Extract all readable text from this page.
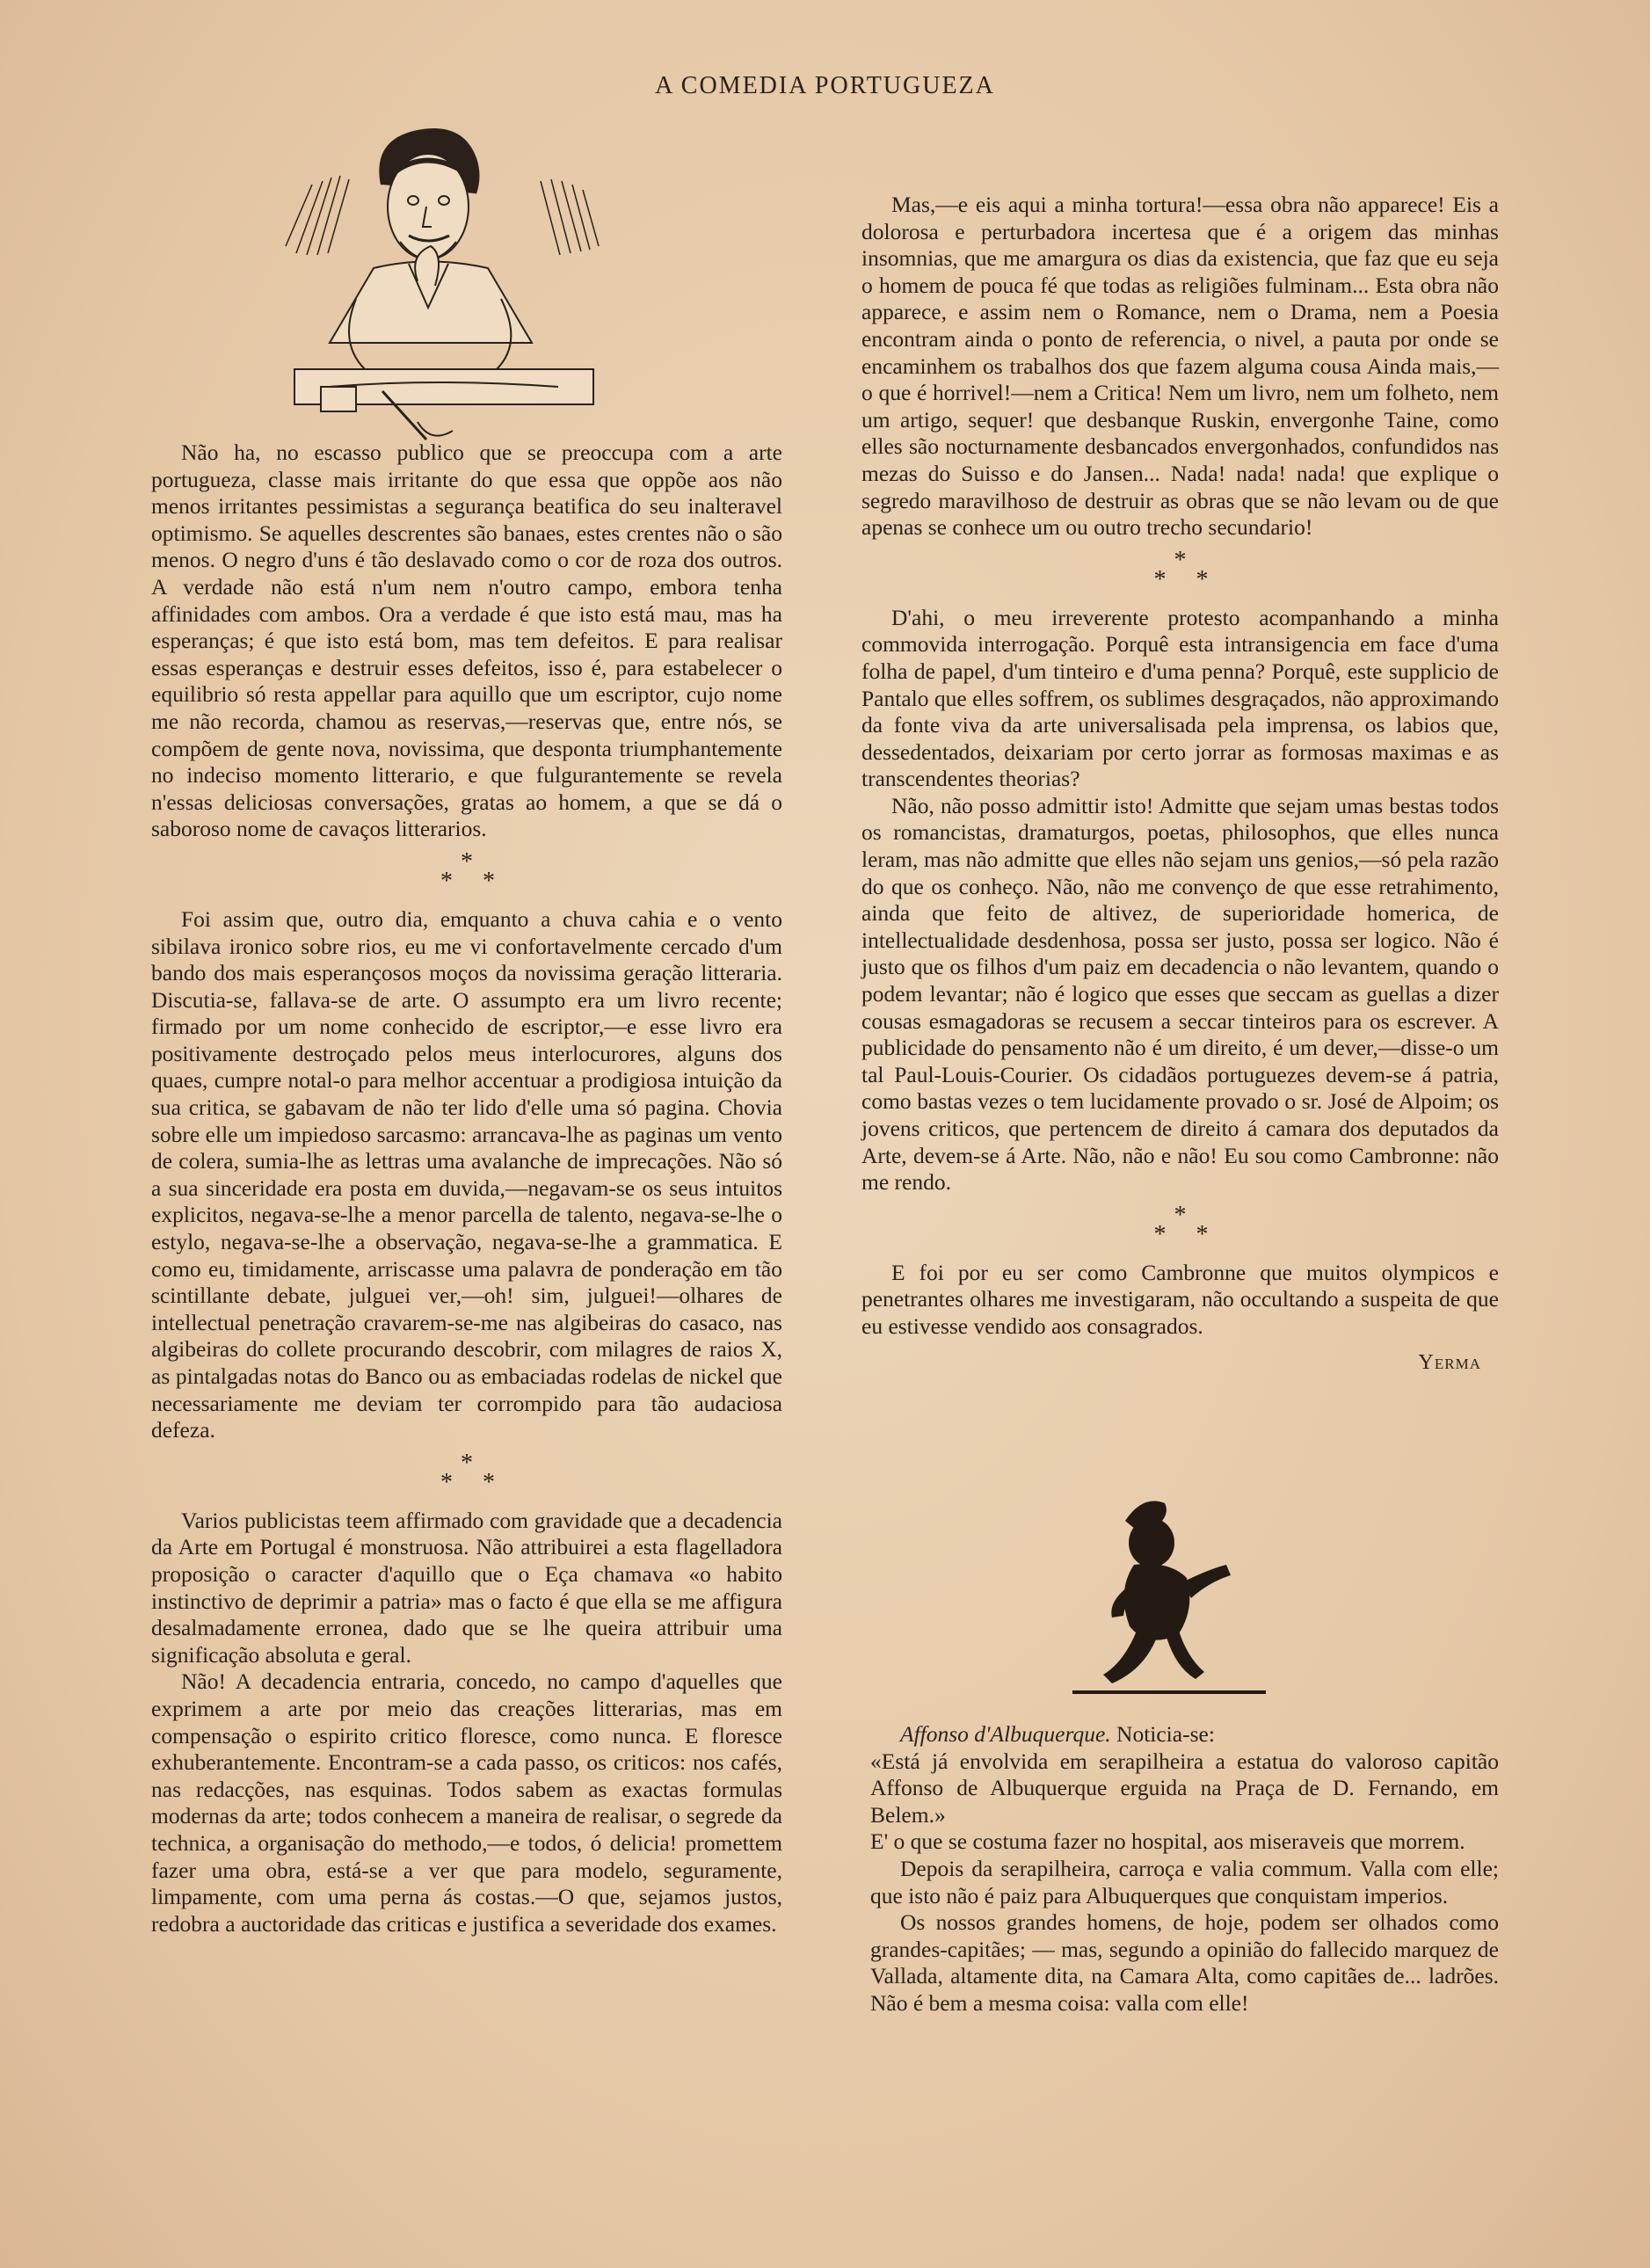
A COMEDIA PORTUGUEZA

Não ha, no escasso publico que se preoccupa com a arte portugueza, classe mais irritante do que essa que oppõe aos não menos irritantes pessimistas a segurança beatifica do seu inalteravel optimismo. Se aquelles descrentes são banaes, estes crentes não o são menos. O negro d'uns é tão deslavado como o cor de roza dos outros. A verdade não está n'um nem n'outro campo, embora tenha affinidades com ambos. Ora a verdade é que isto está mau, mas ha esperanças; é que isto está bom, mas tem defeitos. E para realisar essas esperanças e destruir esses defeitos, isso é, para estabelecer o equilibrio só resta appellar para aquillo que um escriptor, cujo nome me não recorda, chamou as reservas,—reservas que, entre nós, se compõem de gente nova, novissima, que desponta triumphantemente no indeciso momento litterario, e que fulgurantemente se revela n'essas deliciosas conversações, gratas ao homem, a que se dá o saboroso nome de cavaços litterarios.

*
* *

Foi assim que, outro dia, emquanto a chuva cahia e o vento sibilava ironico sobre rios, eu me vi confortavelmente cercado d'um bando dos mais esperançosos moços da novissima geração litteraria. Discutia-se, fallava-se de arte. O assumpto era um livro recente; firmado por um nome conhecido de escriptor,—e esse livro era positivamente destroçado pelos meus interlocurores, alguns dos quaes, cumpre notal-o para melhor accentuar a prodigiosa intuição da sua critica, se gabavam de não ter lido d'elle uma só pagina. Chovia sobre elle um impiedoso sarcasmo: arrancava-lhe as paginas um vento de colera, sumia-lhe as lettras uma avalanche de imprecações. Não só a sua sinceridade era posta em duvida,—negavam-se os seus intuitos explicitos, negava-se-lhe a menor parcella de talento, negava-se-lhe o estylo, negava-se-lhe a observação, negava-se-lhe a grammatica. E como eu, timidamente, arriscasse uma palavra de ponderação em tão scintillante debate, julguei ver,—oh! sim, julguei!—olhares de intellectual penetração cravarem-se-me nas algibeiras do casaco, nas algibeiras do collete procurando descobrir, com milagres de raios X, as pintalgadas notas do Banco ou as embaciadas rodelas de nickel que necessariamente me deviam ter corrompido para tão audaciosa defeza.

*
* *

Varios publicistas teem affirmado com gravidade que a decadencia da Arte em Portugal é monstruosa. Não attribuirei a esta flagelladora proposição o caracter d'aquillo que o Eça chamava «o habito instinctivo de deprimir a patria» mas o facto é que ella se me affigura desalmadamente erronea, dado que se lhe queira attribuir uma significação absoluta e geral.

Não! A decadencia entraria, concedo, no campo d'aquelles que exprimem a arte por meio das creações litterarias, mas em compensação o espirito critico floresce, como nunca. E floresce exhuberantemente. Encontram-se a cada passo, os criticos: nos cafés, nas redacções, nas esquinas. Todos sabem as exactas formulas modernas da arte; todos conhecem a maneira de realisar, o segrede da technica, a organisação do methodo,—e todos, ó delicia! promettem fazer uma obra, está-se a ver que para modelo, seguramente, limpamente, com uma perna ás costas.—O que, sejamos justos, redobra a auctoridade das criticas e justifica a severidade dos exames.

Mas,—e eis aqui a minha tortura!—essa obra não apparece! Eis a dolorosa e perturbadora incertesa que é a origem das minhas insomnias, que me amargura os dias da existencia, que faz que eu seja o homem de pouca fé que todas as religiões fulminam... Esta obra não apparece, e assim nem o Romance, nem o Drama, nem a Poesia encontram ainda o ponto de referencia, o nivel, a pauta por onde se encaminhem os trabalhos dos que fazem alguma cousa Ainda mais,—o que é horrivel!—nem a Critica! Nem um livro, nem um folheto, nem um artigo, sequer! que desbanque Ruskin, envergonhe Taine, como elles são nocturnamente desbancados envergonhados, confundidos nas mezas do Suisso e do Jansen... Nada! nada! nada! que explique o segredo maravilhoso de destruir as obras que se não levam ou de que apenas se conhece um ou outro trecho secundario!

*
* *

D'ahi, o meu irreverente protesto acompanhando a minha commovida interrogação. Porquê esta intransigencia em face d'uma folha de papel, d'um tinteiro e d'uma penna? Porquê, este supplicio de Pantalo que elles soffrem, os sublimes desgraçados, não approximando da fonte viva da arte universalisada pela imprensa, os labios que, dessedentados, deixariam por certo jorrar as formosas maximas e as transcendentes theorias?

Não, não posso admittir isto! Admitte que sejam umas bestas todos os romancistas, dramaturgos, poetas, philosophos, que elles nunca leram, mas não admitte que elles não sejam uns genios,—só pela razão do que os conheço. Não, não me convenço de que esse retrahimento, ainda que feito de altivez, de superioridade homerica, de intellectualidade desdenhosa, possa ser justo, possa ser logico. Não é justo que os filhos d'um paiz em decadencia o não levantem, quando o podem levantar; não é logico que esses que seccam as guellas a dizer cousas esmagadoras se recusem a seccar tinteiros para os escrever. A publicidade do pensamento não é um direito, é um dever,—disse-o um tal Paul-Louis-Courier. Os cidadãos portuguezes devem-se á patria, como bastas vezes o tem lucidamente provado o sr. José de Alpoim; os jovens criticos, que pertencem de direito á camara dos deputados da Arte, devem-se á Arte. Não, não e não! Eu sou como Cambronne: não me rendo.

*
* *

E foi por eu ser como Cambronne que muitos olympicos e penetrantes olhares me investigaram, não occultando a suspeita de que eu estivesse vendido aos consagrados.

Yerma

Affonso d'Albuquerque. Noticia-se:

«Está já envolvida em serapilheira a estatua do valoroso capitão Affonso de Albuquerque erguida na Praça de D. Fernando, em Belem.»

E' o que se costuma fazer no hospital, aos miseraveis que morrem.

Depois da serapilheira, carroça e valia commum. Valla com elle; que isto não é paiz para Albuquerques que conquistam imperios.

Os nossos grandes homens, de hoje, podem ser olhados como grandes-capitães; — mas, segundo a opinião do fallecido marquez de Vallada, altamente dita, na Camara Alta, como capitães de... ladrões. Não é bem a mesma coisa: valla com elle!
